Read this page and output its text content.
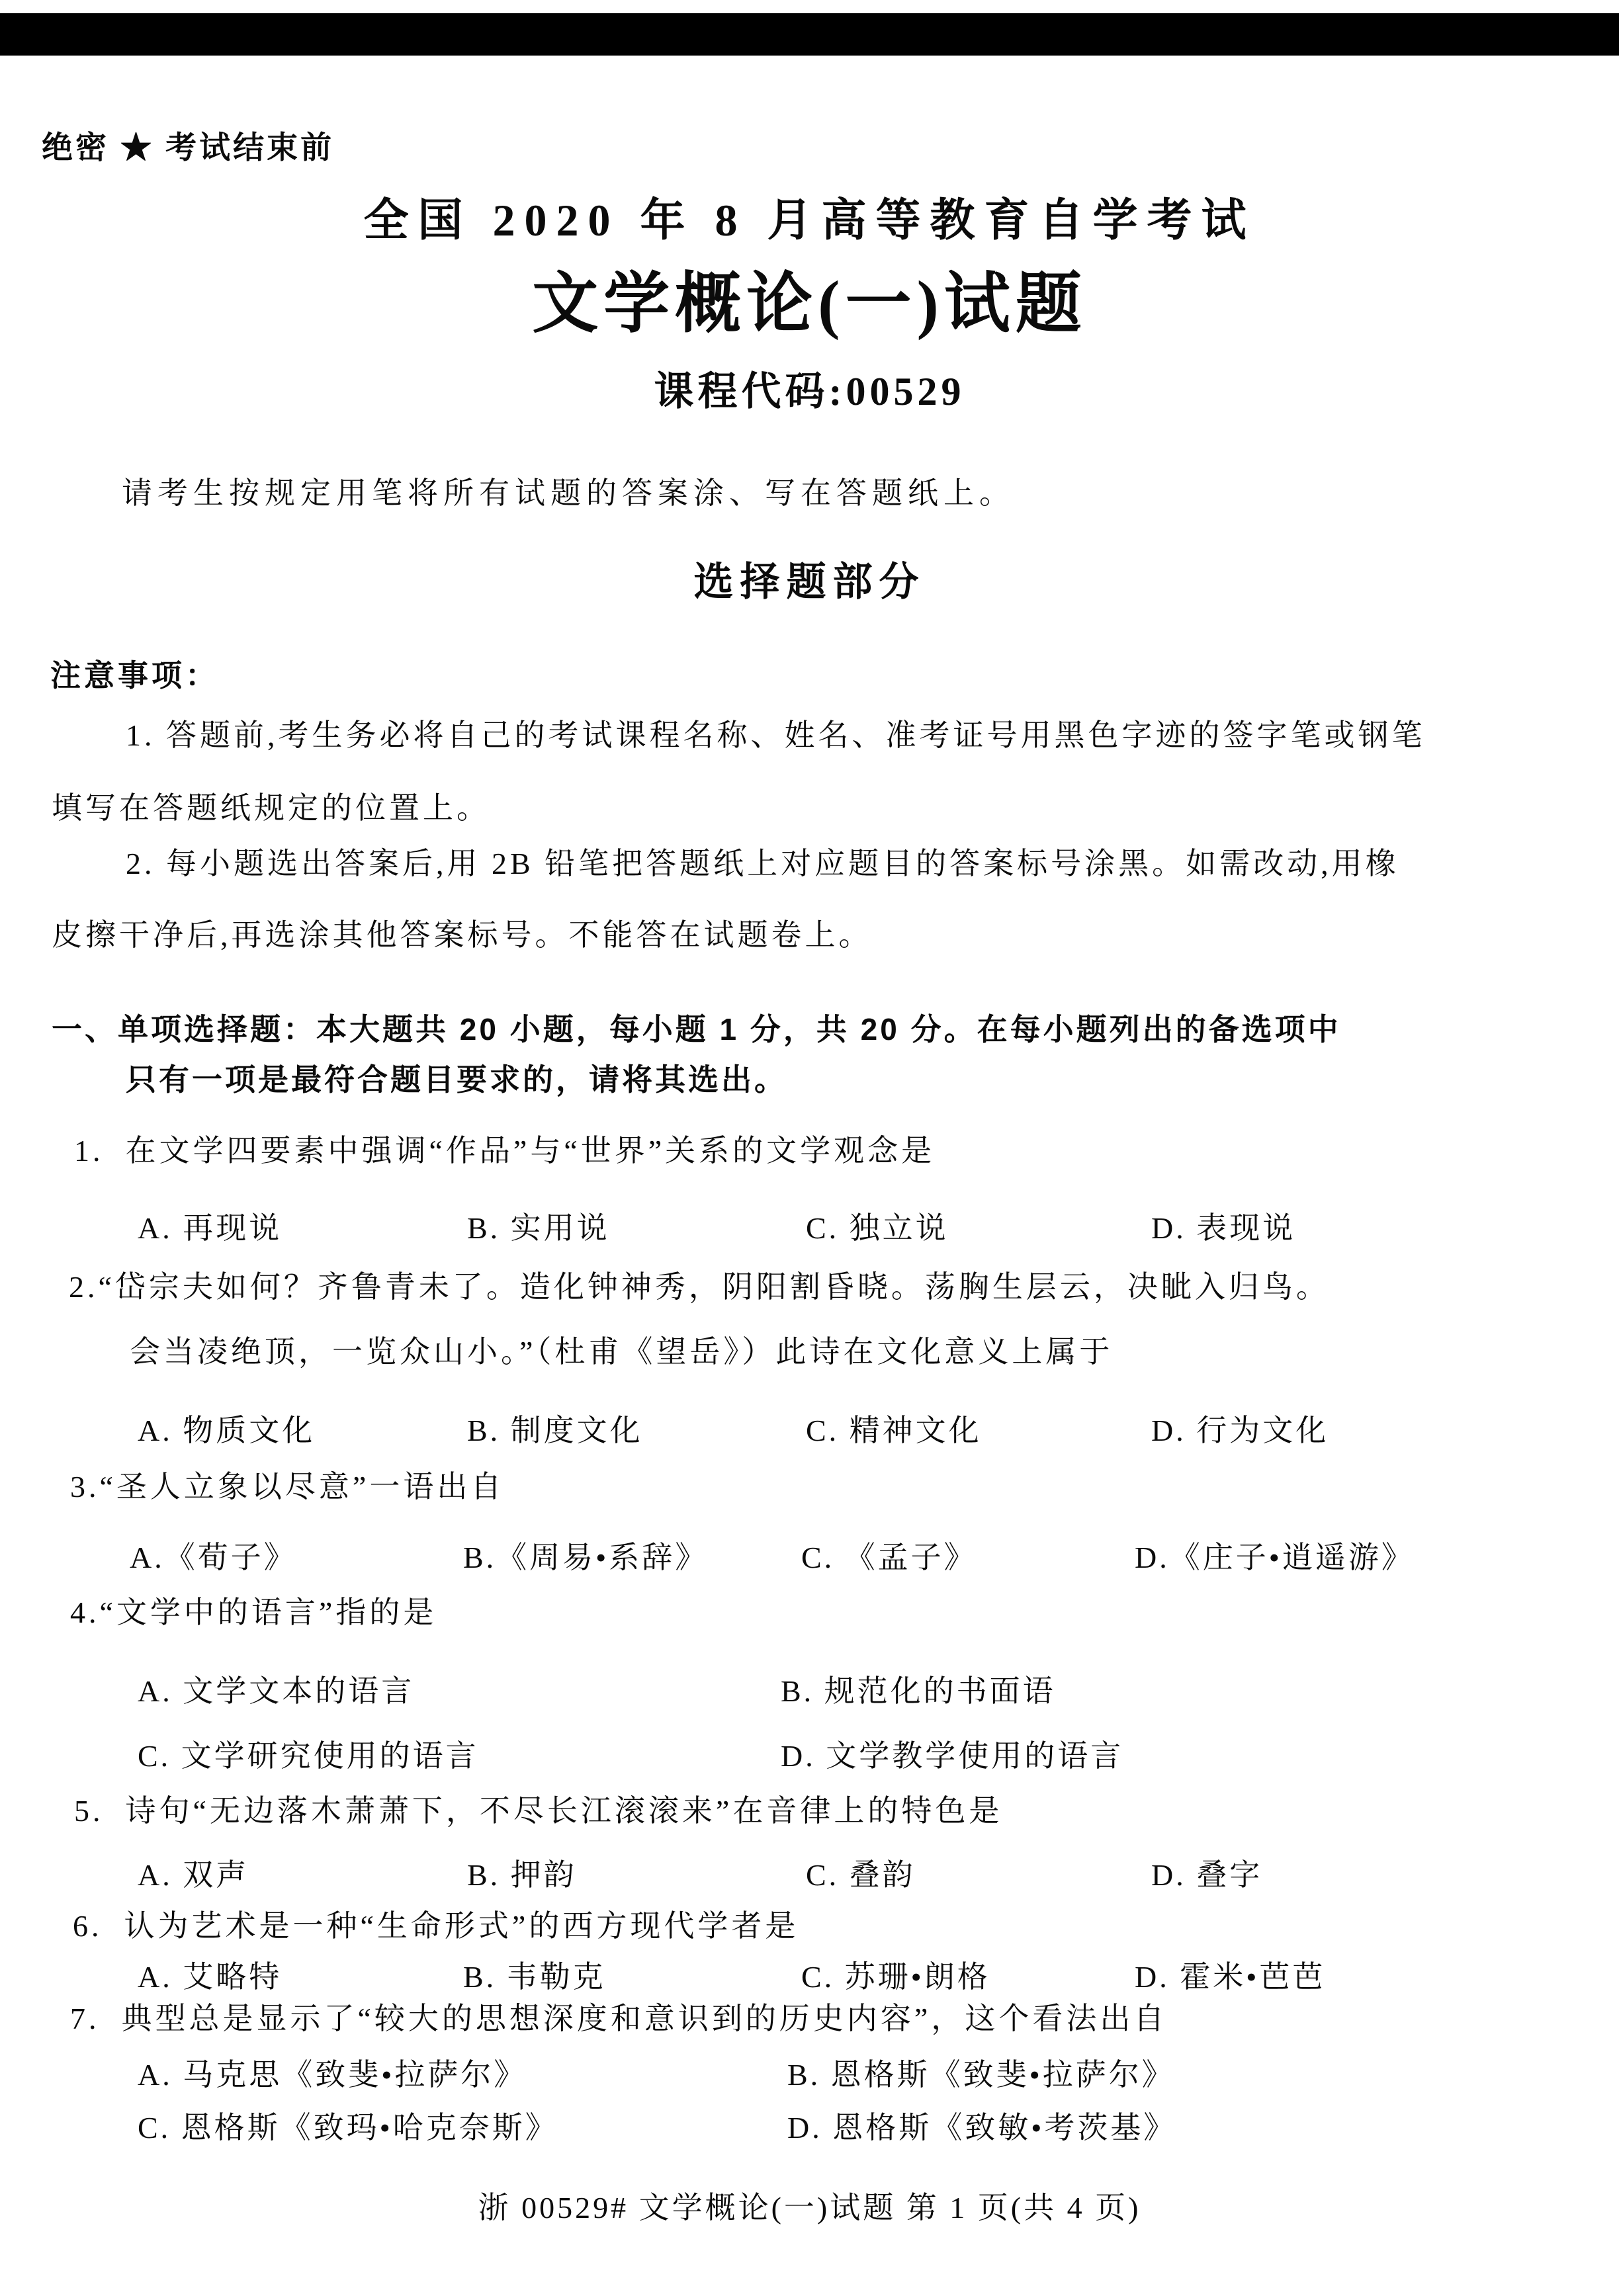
绝密 ★ 考试结束前
全国 2020 年 8 月高等教育自学考试
文学概论(一)试题
课程代码:00529
请考生按规定用笔将所有试题的答案涂、写在答题纸上。
选择题部分
注意事项：
1. 答题前,考生务必将自己的考试课程名称、姓名、准考证号用黑色字迹的签字笔或钢笔
填写在答题纸规定的位置上。
2. 每小题选出答案后,用 2B 铅笔把答题纸上对应题目的答案标号涂黑。如需改动,用橡
皮擦干净后,再选涂其他答案标号。不能答在试题卷上。
一、单项选择题：本大题共 20 小题，每小题 1 分，共 20 分。在每小题列出的备选项中
只有一项是最符合题目要求的，请将其选出。
1.  在文学四要素中强调“作品”与“世界”关系的文学观念是
A. 再现说	B. 实用说	C. 独立说	D. 表现说
2.“岱宗夫如何？齐鲁青未了。造化钟神秀，阴阳割昏晓。荡胸生层云，决眦入归鸟。
会当凌绝顶，一览众山小。”（杜甫《望岳》）此诗在文化意义上属于
A. 物质文化	B. 制度文化	C. 精神文化	D. 行为文化
3.“圣人立象以尽意”一语出自
A.《荀子》	B.《周易•系辞》	C. 《孟子》	D.《庄子•逍遥游》
4.“文学中的语言”指的是
A. 文学文本的语言	B. 规范化的书面语
C. 文学研究使用的语言	D. 文学教学使用的语言
5.  诗句“无边落木萧萧下，不尽长江滚滚来”在音律上的特色是
A. 双声	B. 押韵	C. 叠韵	D. 叠字
6.  认为艺术是一种“生命形式”的西方现代学者是
A. 艾略特	B. 韦勒克	C. 苏珊•朗格	D. 霍米•芭芭
7.  典型总是显示了“较大的思想深度和意识到的历史内容”，这个看法出自
A. 马克思《致斐•拉萨尔》	B. 恩格斯《致斐•拉萨尔》
C. 恩格斯《致玛•哈克奈斯》	D. 恩格斯《致敏•考茨基》
浙 00529# 文学概论(一)试题 第 1 页(共 4 页)
